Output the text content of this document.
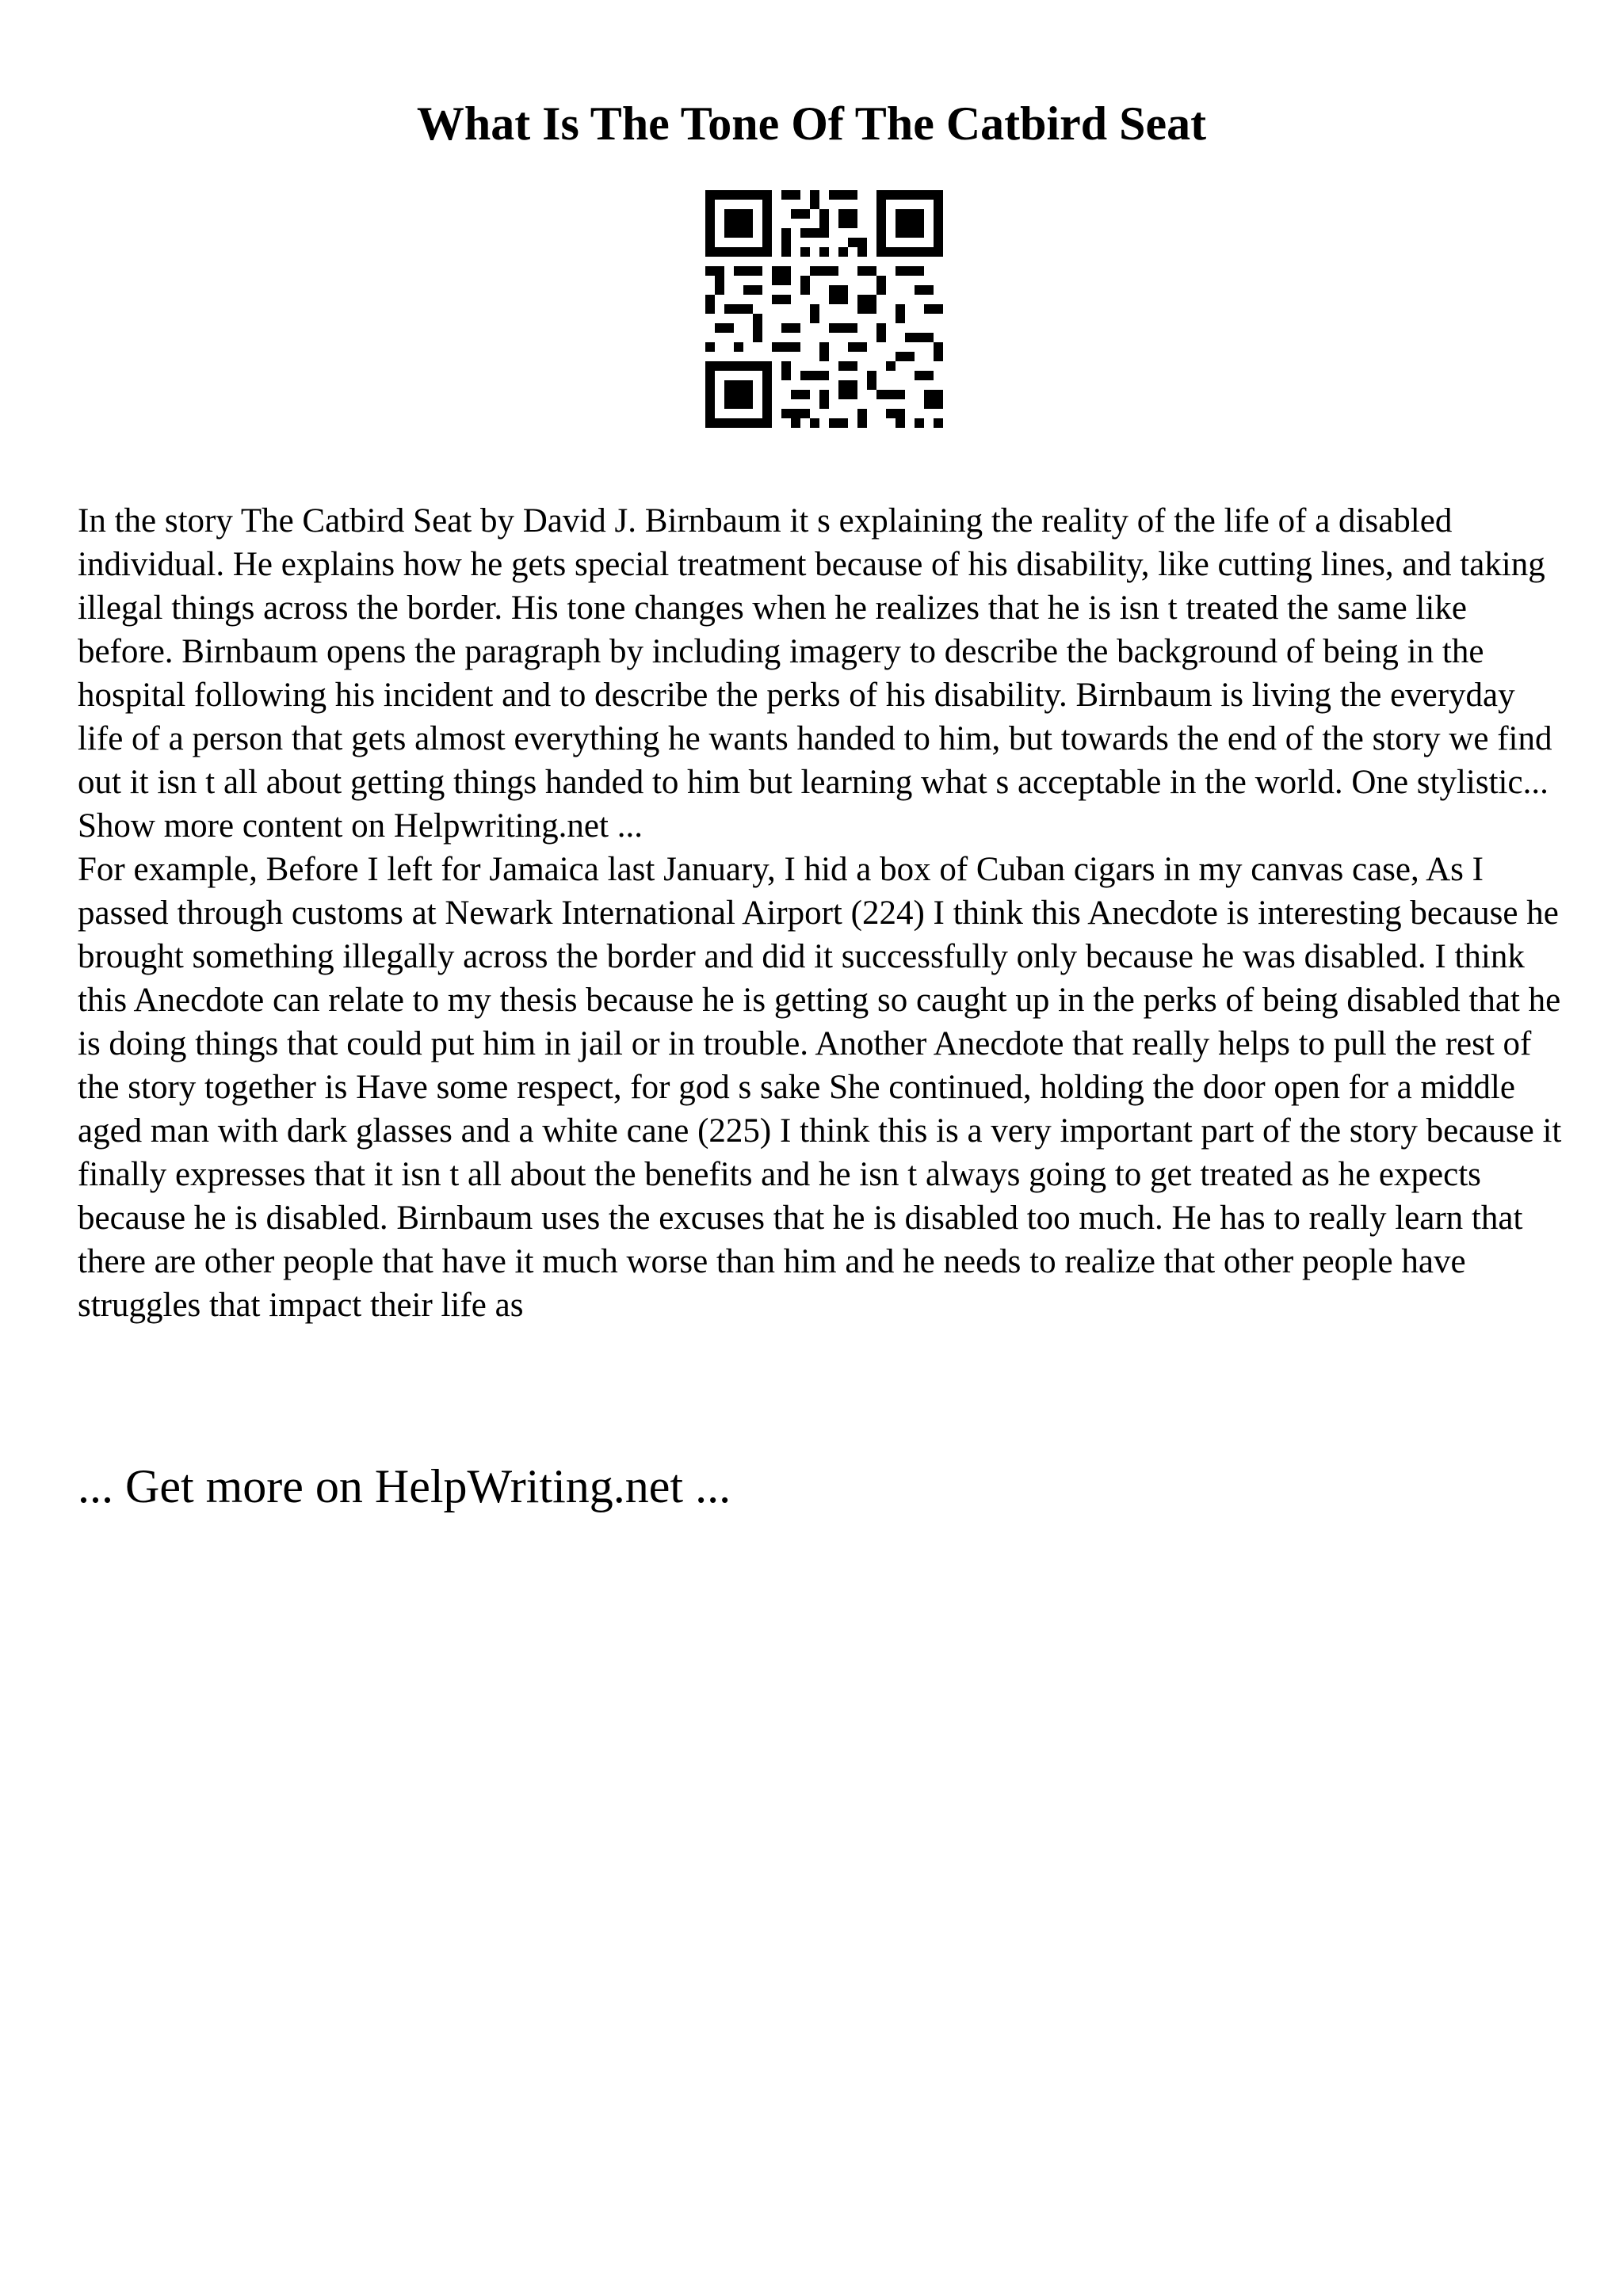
What Is The Tone Of The Catbird Seat

In the story The Catbird Seat by David J. Birnbaum it s explaining the reality of the life of a disabled individual. He explains how he gets special treatment because of his disability, like cutting lines, and taking illegal things across the border. His tone changes when he realizes that he is isn t treated the same like before. Birnbaum opens the paragraph by including imagery to describe the background of being in the hospital following his incident and to describe the perks of his disability. Birnbaum is living the everyday life of a person that gets almost everything he wants handed to him, but towards the end of the story we find out it isn t all about getting things handed to him but learning what s acceptable in the world. One stylistic... Show more content on Helpwriting.net ...

For example, Before I left for Jamaica last January, I hid a box of Cuban cigars in my canvas case, As I passed through customs at Newark International Airport (224) I think this Anecdote is interesting because he brought something illegally across the border and did it successfully only because he was disabled. I think this Anecdote can relate to my thesis because he is getting so caught up in the perks of being disabled that he is doing things that could put him in jail or in trouble. Another Anecdote that really helps to pull the rest of the story together is Have some respect, for god s sake She continued, holding the door open for a middle aged man with dark glasses and a white cane (225) I think this is a very important part of the story because it finally expresses that it isn t all about the benefits and he isn t always going to get treated as he expects because he is disabled. Birnbaum uses the excuses that he is disabled too much. He has to really learn that there are other people that have it much worse than him and he needs to realize that other people have struggles that impact their life as

... Get more on HelpWriting.net ...
